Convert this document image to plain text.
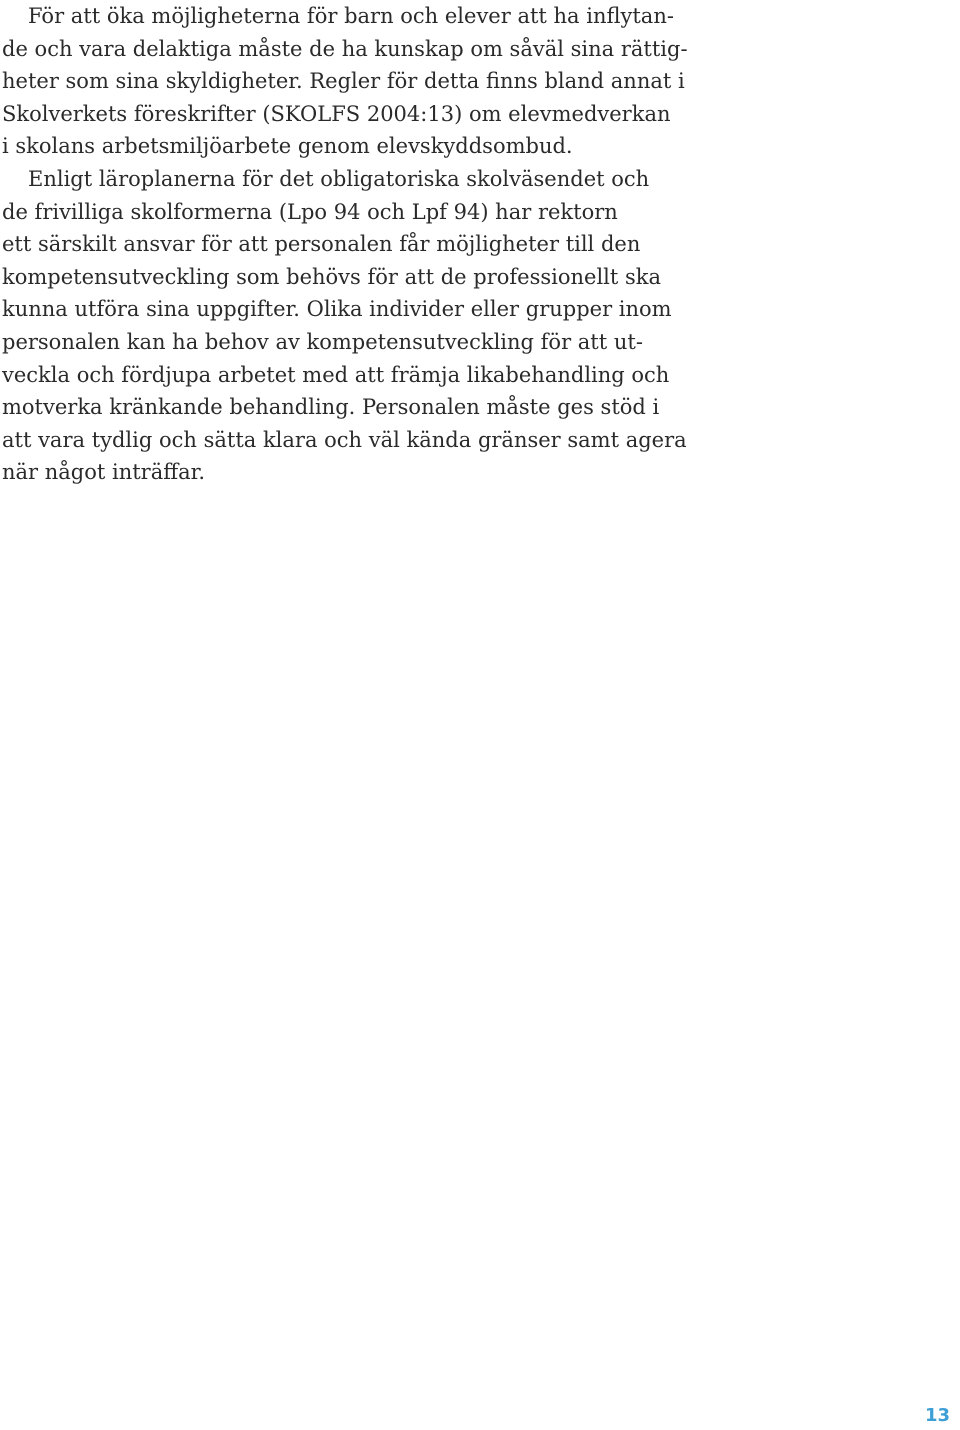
För att öka möjligheterna för barn och elever att ha inflytan-
de och vara delaktiga måste de ha kunskap om såväl sina rättig-
heter som sina skyldigheter. Regler för detta finns bland annat i
Skolverkets föreskrifter (SKOLFS 2004:13) om elevmedverkan
i skolans arbetsmiljöarbete genom elevskyddsombud.
Enligt läroplanerna för det obligatoriska skolväsendet och
de frivilliga skolformerna (Lpo 94 och Lpf 94) har rektorn
ett särskilt ansvar för att personalen får möjligheter till den
kompetensutveckling som behövs för att de professionellt ska
kunna utföra sina uppgifter. Olika individer eller grupper inom
personalen kan ha behov av kompetensutveckling för att ut-
veckla och fördjupa arbetet med att främja likabehandling och
motverka kränkande behandling. Personalen måste ges stöd i
att vara tydlig och sätta klara och väl kända gränser samt agera
när något inträffar.
13
